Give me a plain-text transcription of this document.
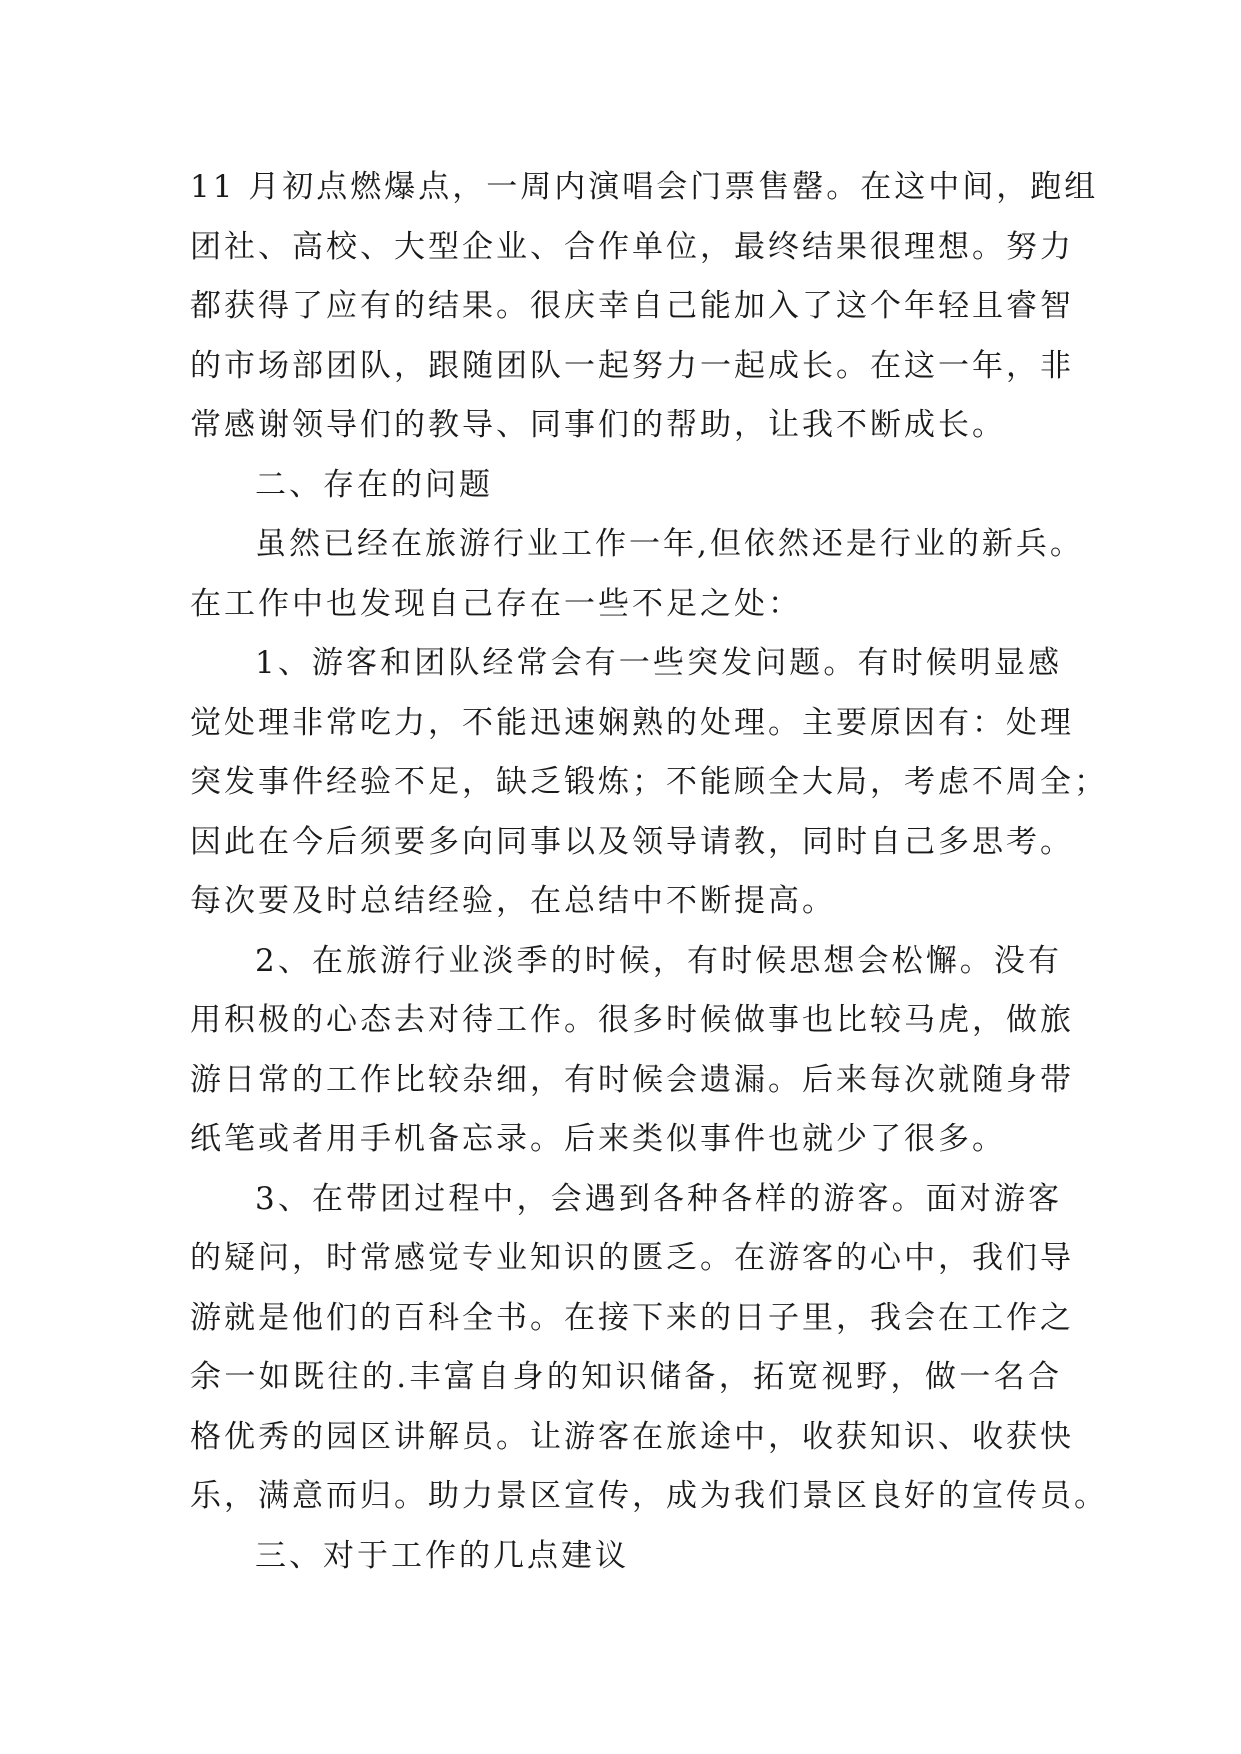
11 月初点燃爆点，一周内演唱会门票售罄。在这中间，跑组
团社、高校、大型企业、合作单位，最终结果很理想。努力
都获得了应有的结果。很庆幸自己能加入了这个年轻且睿智
的市场部团队，跟随团队一起努力一起成长。在这一年，非
常感谢领导们的教导、同事们的帮助，让我不断成长。
二、存在的问题
虽然已经在旅游行业工作一年,但依然还是行业的新兵。
在工作中也发现自己存在一些不足之处：
1、游客和团队经常会有一些突发问题。有时候明显感
觉处理非常吃力，不能迅速娴熟的处理。主要原因有：处理
突发事件经验不足，缺乏锻炼；不能顾全大局，考虑不周全；
因此在今后须要多向同事以及领导请教，同时自己多思考。
每次要及时总结经验，在总结中不断提高。
2、在旅游行业淡季的时候，有时候思想会松懈。没有
用积极的心态去对待工作。很多时候做事也比较马虎，做旅
游日常的工作比较杂细，有时候会遗漏。后来每次就随身带
纸笔或者用手机备忘录。后来类似事件也就少了很多。
3、在带团过程中，会遇到各种各样的游客。面对游客
的疑问，时常感觉专业知识的匮乏。在游客的心中，我们导
游就是他们的百科全书。在接下来的日子里，我会在工作之
余一如既往的.丰富自身的知识储备，拓宽视野，做一名合
格优秀的园区讲解员。让游客在旅途中，收获知识、收获快
乐，满意而归。助力景区宣传，成为我们景区良好的宣传员。
三、对于工作的几点建议
